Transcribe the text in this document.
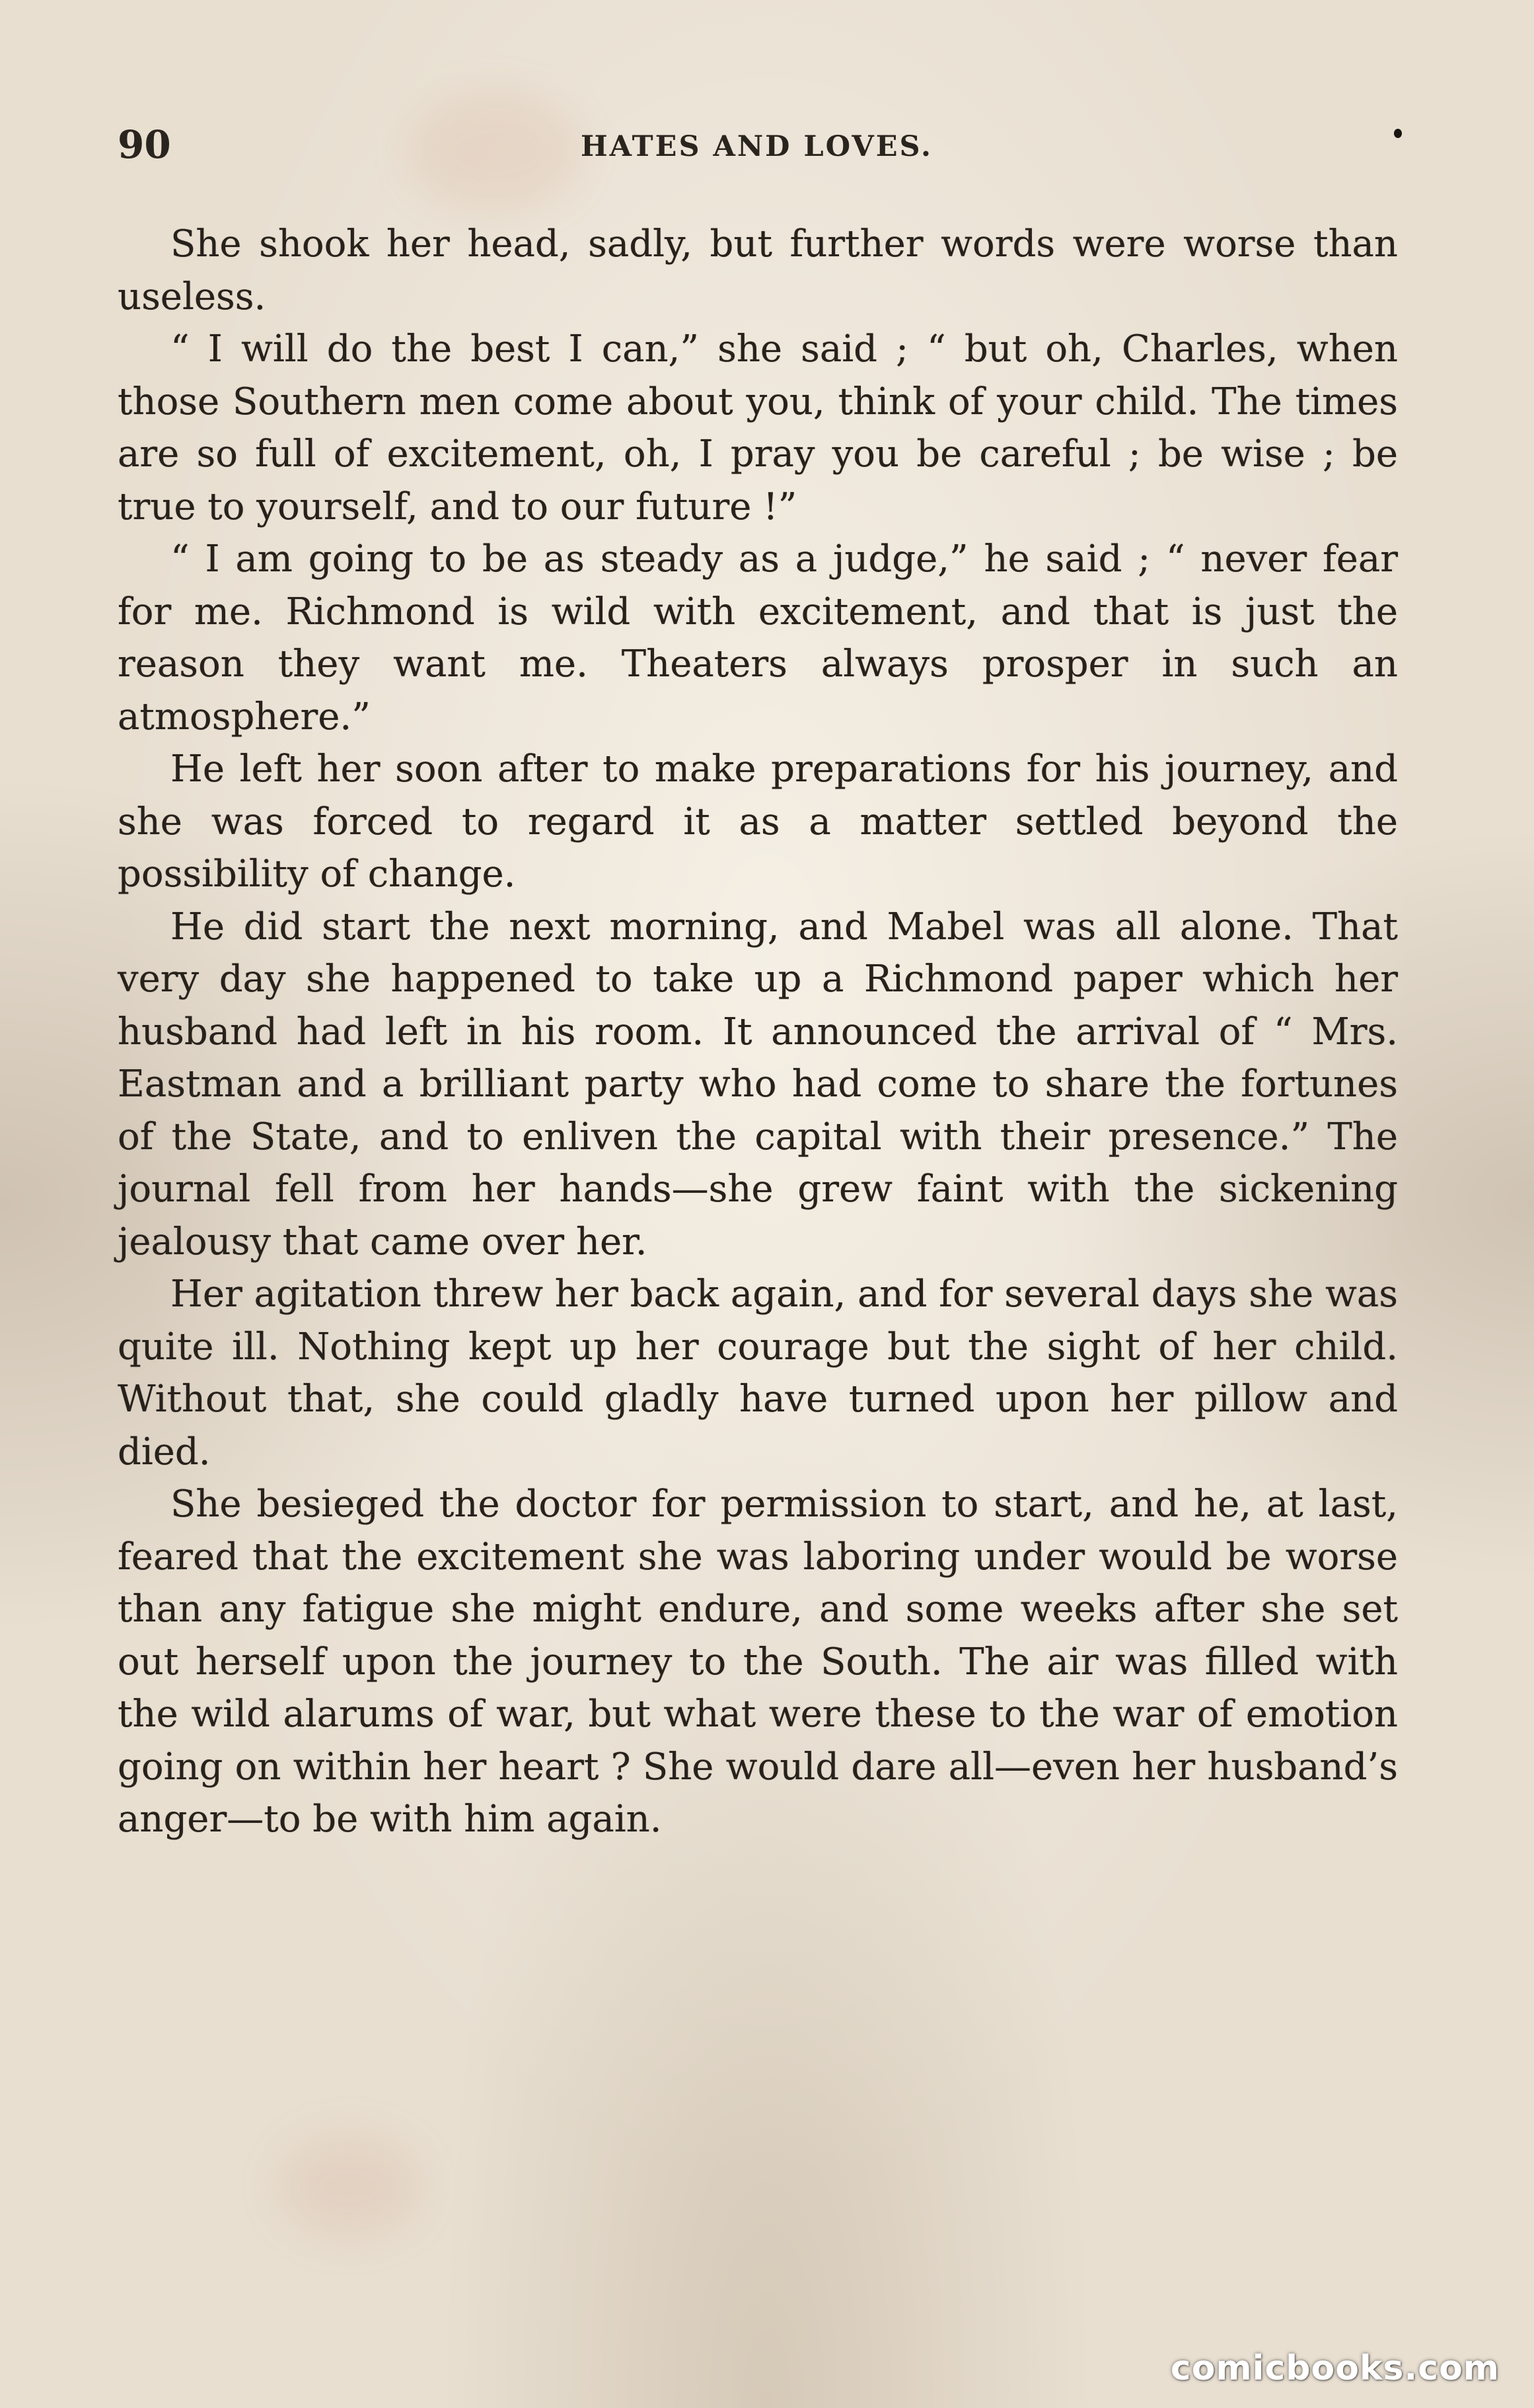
90	HATES AND LOVES.

She shook her head, sadly, but further words were worse than useless.

“ I will do the best I can,” she said ; “ but oh, Charles, when those Southern men come about you, think of your child. The times are so full of excitement, oh, I pray you be careful ; be wise ; be true to yourself, and to our future !”

“ I am going to be as steady as a judge,” he said ; “ never fear for me. Richmond is wild with excitement, and that is just the reason they want me. Theaters always prosper in such an atmosphere.”

He left her soon after to make preparations for his journey, and she was forced to regard it as a matter settled beyond the possibility of change.

He did start the next morning, and Mabel was all alone. That very day she happened to take up a Richmond paper which her husband had left in his room. It announced the arrival of “ Mrs. Eastman and a brilliant party who had come to share the fortunes of the State, and to enliven the capital with their presence.” The journal fell from her hands—she grew faint with the sickening jealousy that came over her.

Her agitation threw her back again, and for several days she was quite ill. Nothing kept up her courage but the sight of her child. Without that, she could gladly have turned upon her pillow and died.

She besieged the doctor for permission to start, and he, at last, feared that the excitement she was laboring under would be worse than any fatigue she might endure, and some weeks after she set out herself upon the journey to the South. The air was filled with the wild alarums of war, but what were these to the war of emotion going on within her heart ? She would dare all—even her husband’s anger—to be with him again.

comicbooks.com
